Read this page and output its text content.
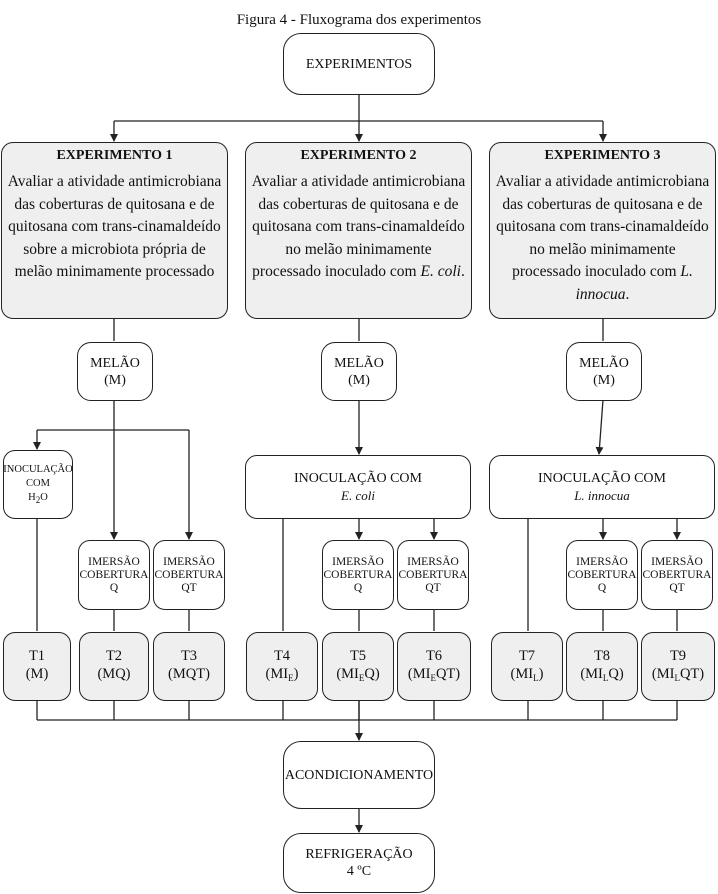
Figura 4 - Fluxograma dos experimentos
EXPERIMENTOS
EXPERIMENTO 1
Avaliar a atividade antimicrobiana das coberturas de quitosana e de quitosana com trans-cinamaldeído sobre a microbiota própria de melão minimamente processado
EXPERIMENTO 2
Avaliar a atividade antimicrobiana das coberturas de quitosana e de quitosana com trans-cinamaldeído no melão minimamente processado inoculado com E. coli.
EXPERIMENTO 3
Avaliar a atividade antimicrobiana das coberturas de quitosana e de quitosana com trans-cinamaldeído no melão minimamente processado inoculado com L. innocua.
MELÃO
(M)
MELÃO
(M)
MELÃO
(M)
INOCULAÇÃO
COM
$H_2O$
INOCULAÇÃO COM
E. coli
INOCULAÇÃO COM
L. innocua
IMERSÃO
COBERTURA
Q
IMERSÃO
COBERTURA
QT
IMERSÃO
COBERTURA
Q
IMERSÃO
COBERTURA
QT
IMERSÃO
COBERTURA
Q
IMERSÃO
COBERTURA
QT
T1
(M)
T2
(MQ)
T3
(MQT)
T4
$(MI_E)$
T5
$(MI_EQ)$
T6
$(MI_EQT)$
T7
$(MI_L)$
T8
$(MI_LQ)$
T9
$(MI_LQT)$
ACONDICIONAMENTO
REFRIGERAÇÃO
4 ºC
